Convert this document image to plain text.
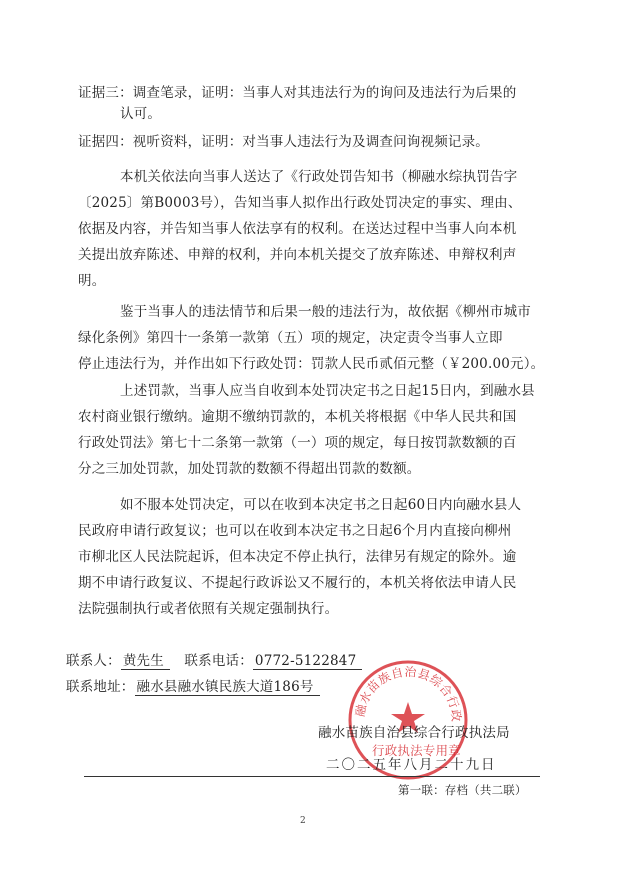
证据三：调查笔录，证明：当事人对其违法行为的询问及违法行为后果的
认可。
证据四：视听资料，证明：对当事人违法行为及调查问询视频记录。
本机关依法向当事人送达了《行政处罚告知书（柳融水综执罚告字
〔2025〕第B0003号），告知当事人拟作出行政处罚决定的事实、理由、
依据及内容，并告知当事人依法享有的权利。在送达过程中当事人向本机
关提出放弃陈述、申辩的权利，并向本机关提交了放弃陈述、申辩权利声
明。
鉴于当事人的违法情节和后果一般的违法行为，故依据《柳州市城市
绿化条例》第四十一条第一款第（五）项的规定，决定责令当事人立即
停止违法行为，并作出如下行政处罚：罚款人民币贰佰元整（￥200.00元）。
上述罚款，当事人应当自收到本处罚决定书之日起15日内，到融水县
农村商业银行缴纳。逾期不缴纳罚款的，本机关将根据《中华人民共和国
行政处罚法》第七十二条第一款第（一）项的规定，每日按罚款数额的百
分之三加处罚款，加处罚款的数额不得超出罚款的数额。
如不服本处罚决定，可以在收到本决定书之日起60日内向融水县人
民政府申请行政复议；也可以在收到本决定书之日起6个月内直接向柳州
市柳北区人民法院起诉，但本决定不停止执行，法律另有规定的除外。逾
期不申请行政复议、不提起行政诉讼又不履行的，本机关将依法申请人民
法院强制执行或者依照有关规定强制执行。
联系人： 黄先生 联系电话： 0772-5122847
联系地址： 融水县融水镇民族大道186号
融水苗族自治县综合行政
融水苗族自治县综合行政执法局
行政执法专用章
二〇二五年八月二十九日
第一联：存档（共二联）
2
